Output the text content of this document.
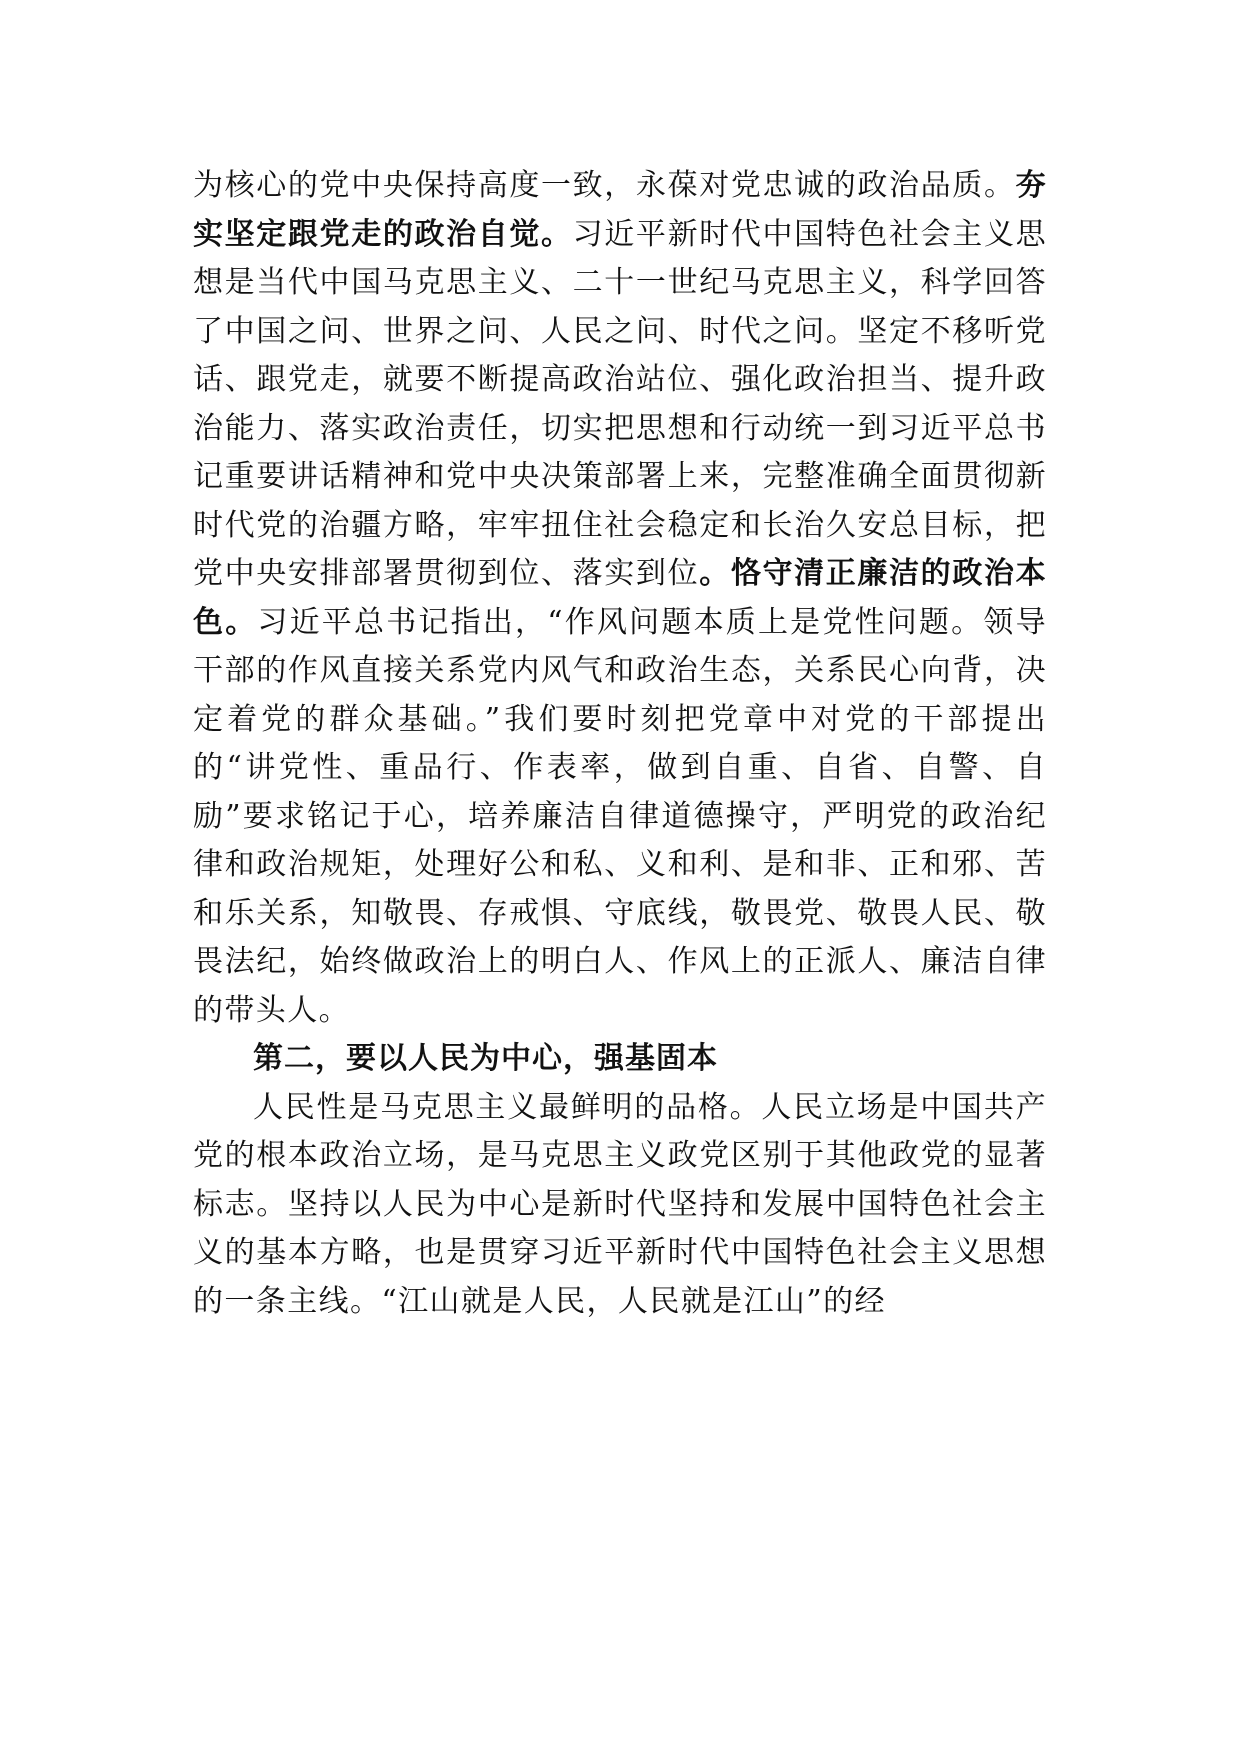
为核心的党中央保持高度一致，永葆对党忠诚的政治品质。夯实坚定跟党走的政治自觉。习近平新时代中国特色社会主义思想是当代中国马克思主义、二十一世纪马克思主义，科学回答了中国之问、世界之问、人民之问、时代之问。坚定不移听党话、跟党走，就要不断提高政治站位、强化政治担当、提升政治能力、落实政治责任，切实把思想和行动统一到习近平总书记重要讲话精神和党中央决策部署上来，完整准确全面贯彻新时代党的治疆方略，牢牢扭住社会稳定和长治久安总目标，把党中央安排部署贯彻到位、落实到位。恪守清正廉洁的政治本色。习近平总书记指出，“作风问题本质上是党性问题。领导干部的作风直接关系党内风气和政治生态，关系民心向背，决定着党的群众基础。”我们要时刻把党章中对党的干部提出的“讲党性、重品行、作表率，做到自重、自省、自警、自励”要求铭记于心，培养廉洁自律道德操守，严明党的政治纪律和政治规矩，处理好公和私、义和利、是和非、正和邪、苦和乐关系，知敬畏、存戒惧、守底线，敬畏党、敬畏人民、敬畏法纪，始终做政治上的明白人、作风上的正派人、廉洁自律的带头人。

第二，要以人民为中心，强基固本

人民性是马克思主义最鲜明的品格。人民立场是中国共产党的根本政治立场，是马克思主义政党区别于其他政党的显著标志。坚持以人民为中心是新时代坚持和发展中国特色社会主义的基本方略，也是贯穿习近平新时代中国特色社会主义思想的一条主线。“江山就是人民，人民就是江山”的经
